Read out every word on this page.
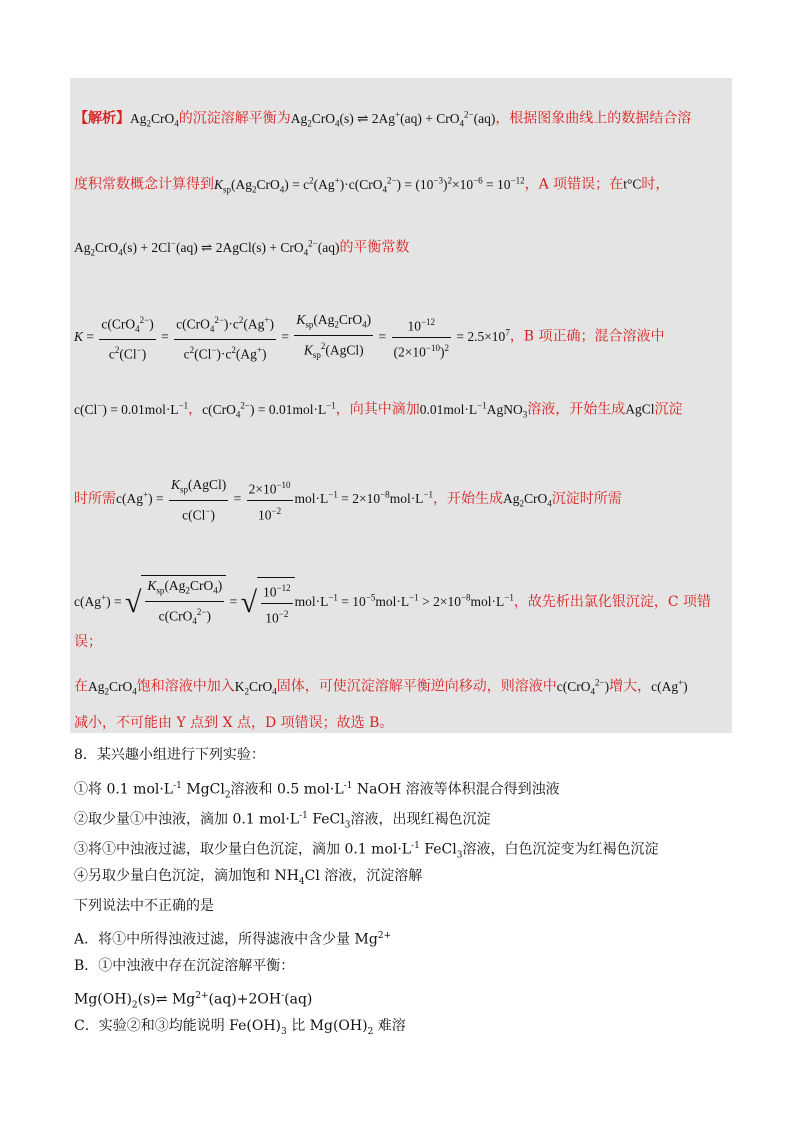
【解析】$Ag_2CrO_4$的沉淀溶解平衡为$Ag_2CrO_4(s)$ ⇌ 2Ag+(aq) + CrO$_4^{2-}$(aq)，根据图象曲线上的数据结合溶
度积常数概念计算得到$K_{sp}(Ag_2CrO_4) = c^2(Ag^+)\cdot c(CrO_4^{2-}) = (10^{-3})^2\times 10^{-6} = 10^{-12}$，A 项错误；在t°C时，
$Ag_2CrO_4(s) + 2Cl^-(aq)$ ⇌ 2AgCl(s) + CrO$_4^{2-}$(aq)的平衡常数
$K = \frac{c(CrO_4^{2-})}{c^2(Cl^-)} = \frac{c(CrO_4^{2-})\cdot c^2(Ag^+)}{c^2(Cl^-)\cdot c^2(Ag^+)} = \frac{K_{sp}(Ag_2CrO_4)}{K_{sp}^2(AgCl)} = \frac{10^{-12}}{(2\times 10^{-10})^2} = 2.5\times 10^7$，B 项正确；混合溶液中
$c(Cl^-) = 0.01mol\cdot L^{-1}$，$c(CrO_4^{2-}) = 0.01mol\cdot L^{-1}$，向其中滴加$0.01mol\cdot L^{-1}AgNO_3$溶液，开始生成AgCl沉淀
时所需$c(Ag^+) = \frac{K_{sp}(AgCl)}{c(Cl^-)} = \frac{2\times 10^{-10}}{10^{-2}} mol\cdot L^{-1} = 2\times 10^{-8}mol\cdot L^{-1}$，开始生成$Ag_2CrO_4$沉淀时所需
c(Ag+) = √ $\frac{K_{sp}(Ag_2CrO_4)}{c(CrO_4^{2-})}$ = √ $\frac{10^{-12}}{10^{-2}} mol\cdot L^{-1} = 10^{-5}mol\cdot L^{-1} > 2\times 10^{-8}mol\cdot L^{-1}$，故先析出氯化银沉淀，C 项错
误；
在$Ag_2CrO_4$饱和溶液中加入$K_2CrO_4$固体，可使沉淀溶解平衡逆向移动，则溶液中c(CrO$_4^{2-}$)增大，c(Ag+)
减小，不可能由 Y 点到 X 点，D 项错误；故选 B。
8．某兴趣小组进行下列实验：
①将 0.1 $mol\cdot L^{-1}$ MgCl$_2$溶液和 0.5 $mol\cdot L^{-1}$ NaOH 溶液等体积混合得到浊液
②取少量①中浊液，滴加 0.1 $mol\cdot L^{-1}$ FeCl$_3$溶液，出现红褐色沉淀
③将①中浊液过滤，取少量白色沉淀，滴加 0.1 $mol\cdot L^{-1}$ FeCl$_3$溶液，白色沉淀变为红褐色沉淀
④另取少量白色沉淀，滴加饱和 $NH_4Cl$ 溶液，沉淀溶解
下列说法中不正确的是
A．将①中所得浊液过滤，所得滤液中含少量 $Mg^{2+}$
B．①中浊液中存在沉淀溶解平衡：
$Mg(OH)_2(s)\rightleftharpoons$ $Mg^{2+}(aq)+2OH^-(aq)$
C．实验②和③均能说明 $Fe(OH)_3$ 比 $Mg(OH)_2$ 难溶
